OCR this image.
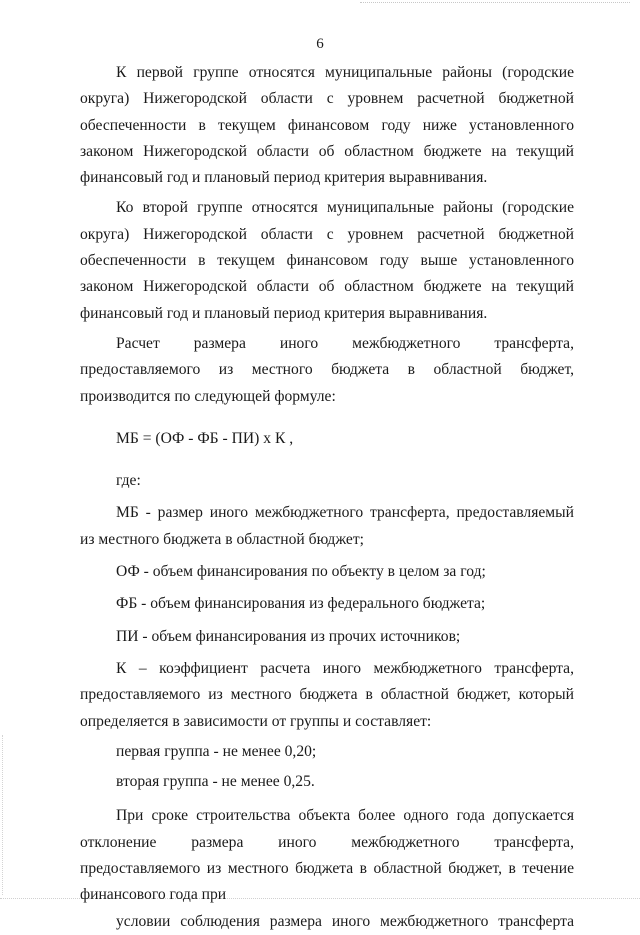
6

К первой группе относятся муниципальные районы (городские округа) Нижегородской области с уровнем расчетной бюджетной обеспеченности в текущем финансовом году ниже установленного законом Нижегородской области об областном бюджете на текущий финансовый год и плановый период критерия выравнивания.

Ко второй группе относятся муниципальные районы (городские округа) Нижегородской области с уровнем расчетной бюджетной обеспеченности в текущем финансовом году выше установленного законом Нижегородской области об областном бюджете на текущий финансовый год и плановый период критерия выравнивания.

Расчет размера иного межбюджетного трансферта, предоставляемого из местного бюджета в областной бюджет, производится по следующей формуле:

МБ = (ОФ - ФБ - ПИ) х К ,

где:

МБ - размер иного межбюджетного трансферта, предоставляемый из местного бюджета в областной бюджет;

ОФ - объем финансирования по объекту в целом за год;

ФБ - объем финансирования из федерального бюджета;

ПИ - объем финансирования из прочих источников;

К – коэффициент расчета иного межбюджетного трансферта, предоставляемого из местного бюджета в областной бюджет, который определяется в зависимости от группы и составляет:

первая группа - не менее 0,20;

вторая группа - не менее 0,25.

При сроке строительства объекта более одного года допускается отклонение размера иного межбюджетного трансферта, предоставляемого из местного бюджета в областной бюджет, в течение финансового года при
условии соблюдения размера иного межбюджетного трансферта
